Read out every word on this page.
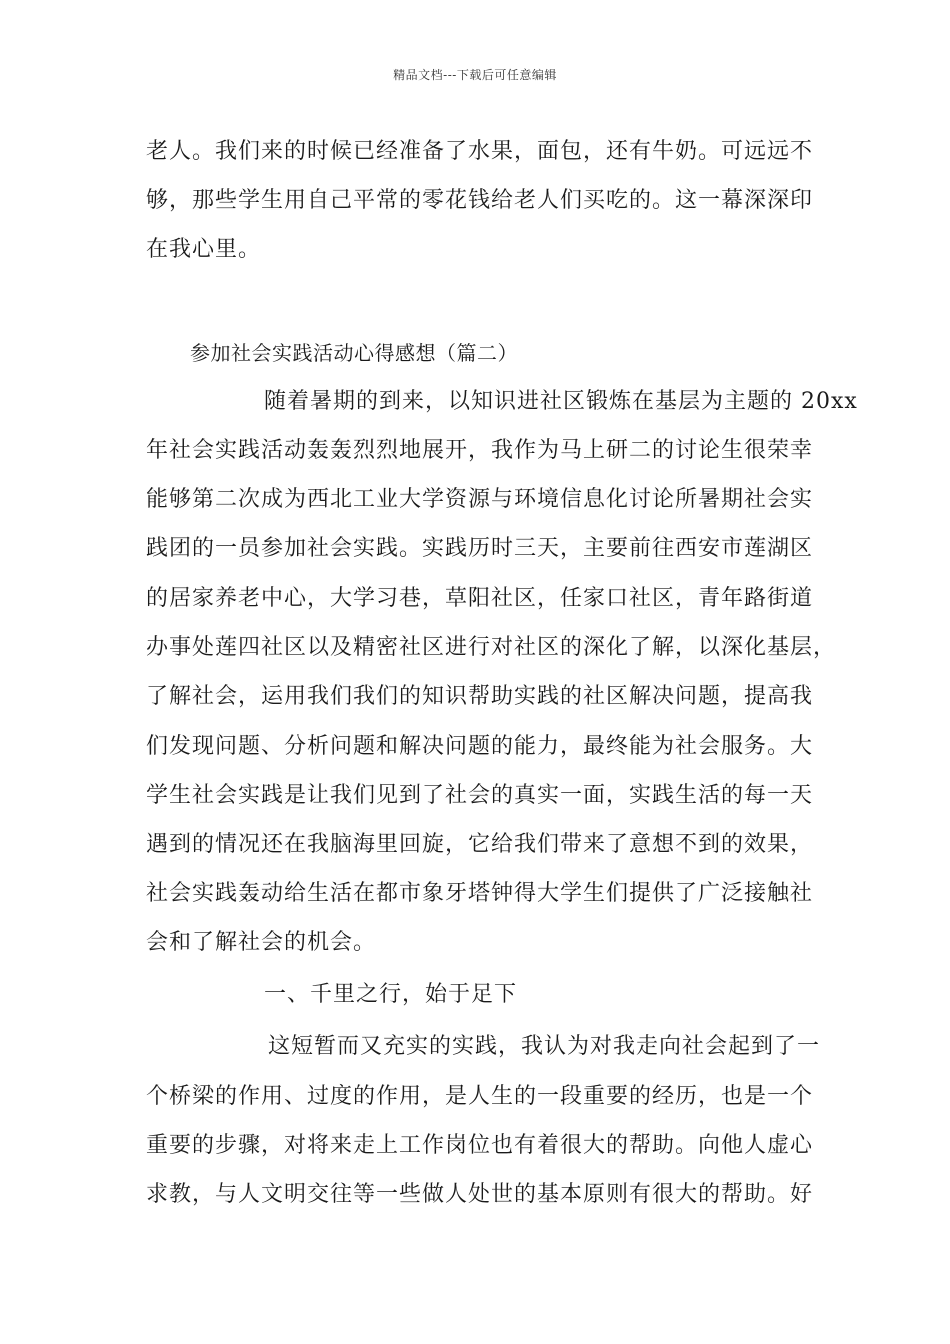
精品文档---下载后可任意编辑
老人。我们来的时候已经准备了水果，面包，还有牛奶。可远远不
够，那些学生用自己平常的零花钱给老人们买吃的。这一幕深深印
在我心里。
参加社会实践活动心得感想（篇二）
随着暑期的到来，以知识进社区锻炼在基层为主题的 20xx
年社会实践活动轰轰烈烈地展开，我作为马上研二的讨论生很荣幸
能够第二次成为西北工业大学资源与环境信息化讨论所暑期社会实
践团的一员参加社会实践。实践历时三天，主要前往西安市莲湖区
的居家养老中心，大学习巷，草阳社区，任家口社区，青年路街道
办事处莲四社区以及精密社区进行对社区的深化了解，以深化基层，
了解社会，运用我们我们的知识帮助实践的社区解决问题，提高我
们发现问题、分析问题和解决问题的能力，最终能为社会服务。大
学生社会实践是让我们见到了社会的真实一面，实践生活的每一天
遇到的情况还在我脑海里回旋，它给我们带来了意想不到的效果，
社会实践轰动给生活在都市象牙塔钟得大学生们提供了广泛接触社
会和了解社会的机会。
一、千里之行，始于足下
这短暂而又充实的实践，我认为对我走向社会起到了一
个桥梁的作用、过度的作用，是人生的一段重要的经历，也是一个
重要的步骤，对将来走上工作岗位也有着很大的帮助。向他人虚心
求教，与人文明交往等一些做人处世的基本原则有很大的帮助。好
